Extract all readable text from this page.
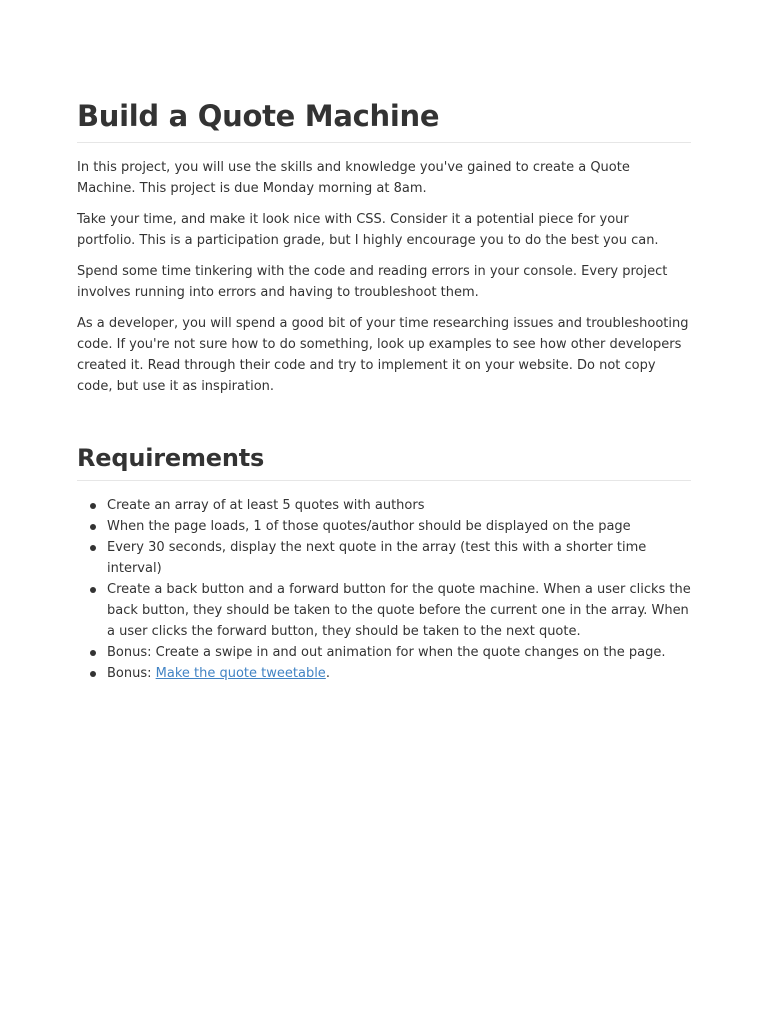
Build a Quote Machine

In this project, you will use the skills and knowledge you've gained to create a Quote Machine. This project is due Monday morning at 8am.

Take your time, and make it look nice with CSS. Consider it a potential piece for your portfolio. This is a participation grade, but I highly encourage you to do the best you can.

Spend some time tinkering with the code and reading errors in your console. Every project involves running into errors and having to troubleshoot them.

As a developer, you will spend a good bit of your time researching issues and troubleshooting code. If you're not sure how to do something, look up examples to see how other developers created it. Read through their code and try to implement it on your website. Do not copy code, but use it as inspiration.

Requirements
Create an array of at least 5 quotes with authors
When the page loads, 1 of those quotes/author should be displayed on the page
Every 30 seconds, display the next quote in the array (test this with a shorter time interval)
Create a back button and a forward button for the quote machine. When a user clicks the back button, they should be taken to the quote before the current one in the array. When a user clicks the forward button, they should be taken to the next quote.
Bonus: Create a swipe in and out animation for when the quote changes on the page.
Bonus: Make the quote tweetable.
